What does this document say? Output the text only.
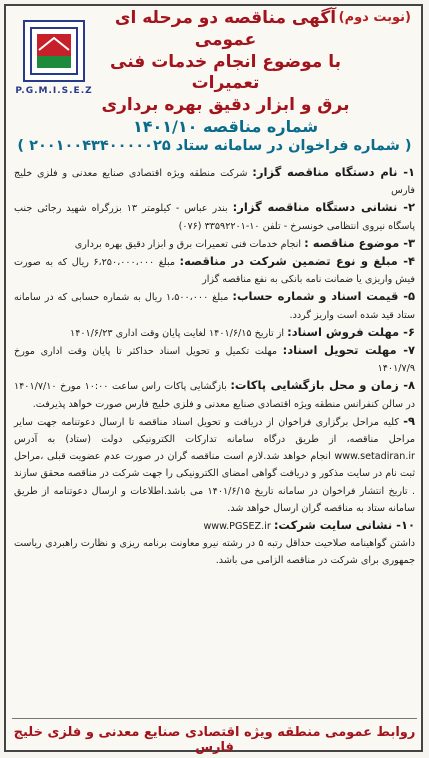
(نوبت دوم)
آگهی مناقصه دو مرحله ای عمومی
با موضوع انجام خدمات فنی تعمیرات
برق و ابزار دقیق بهره برداری
شماره مناقصه ۱۴۰۱/۱۰
P.G.M.I.S.E.Z
( شماره فراخوان در سامانه ستاد ۲۰۰۱۰۰۴۳۴۰۰۰۰۰۲۵ )

۱- نام دستگاه مناقصه گزار: شرکت منطقه ویژه اقتصادی صنایع معدنی و فلزی خلیج فارس

۲- نشانی دستگاه مناقصه گزار: بندر عباس - کیلومتر ۱۳ بزرگراه شهید رجائی جنب پاسگاه نیروی انتظامی خونسرخ - تلفن ۱۰-۳۳۵۹۲۲۰۱ (۰۷۶)

۳- موضوع مناقصه : انجام خدمات فنی تعمیرات برق و ابزار دقیق بهره برداری

۴- مبلغ و نوع تضمین شرکت در مناقصه: مبلغ ۶،۲۵۰،۰۰۰،۰۰۰ ریال که به صورت فیش واریزی یا ضمانت نامه بانکی به نفع مناقصه گزار

۵- قیمت اسناد و شماره حساب: مبلغ ۱،۵۰۰،۰۰۰ ریال به شماره حسابی که در سامانه ستاد قید شده است واریز گردد.

۶- مهلت فروش اسناد: از تاریخ ۱۴۰۱/۶/۱۵ لغایت پایان وقت اداری ۱۴۰۱/۶/۲۳

۷- مهلت تحویل اسناد: مهلت تکمیل و تحویل اسناد حداکثر تا پایان وقت اداری مورخ ۱۴۰۱/۷/۹

۸- زمان و محل بازگشایی پاکات: بازگشایی پاکات راس ساعت ۱۰:۰۰ مورخ ۱۴۰۱/۷/۱۰ در سالن کنفرانس منطقه ویژه اقتصادی صنایع معدنی و فلزی خلیج فارس صورت خواهد پذیرفت.

۹- کلیه مراحل برگزاری فراخوان از دریافت و تحویل اسناد مناقصه تا ارسال دعوتنامه جهت سایر مراحل مناقصه، از طریق درگاه سامانه تدارکات الکترونیکی دولت (ستاد) به آدرس www.setadiran.ir انجام خواهد شد.لازم است مناقصه گران در صورت عدم عضویت قبلی ،مراحل ثبت نام در سایت مذکور و دریافت گواهی امضای الکترونیکی را جهت شرکت در مناقصه محقق سازند . تاریخ انتشار فراخوان در سامانه تاریخ ۱۴۰۱/۶/۱۵ می باشد.اطلاعات و ارسال دعوتنامه از طریق سامانه ستاد به مناقصه گران ارسال خواهد شد.

۱۰- نشانی سایت شرکت: www.PGSEZ.ir

داشتن گواهینامه صلاحیت حداقل رتبه ۵ در رشته نیرو معاونت برنامه ریزی و نظارت راهبردی ریاست جمهوری برای شرکت در مناقصه الزامی می باشد.

روابط عمومی منطقه ویژه اقتصادی صنایع معدنی و فلزی خلیج فارس
